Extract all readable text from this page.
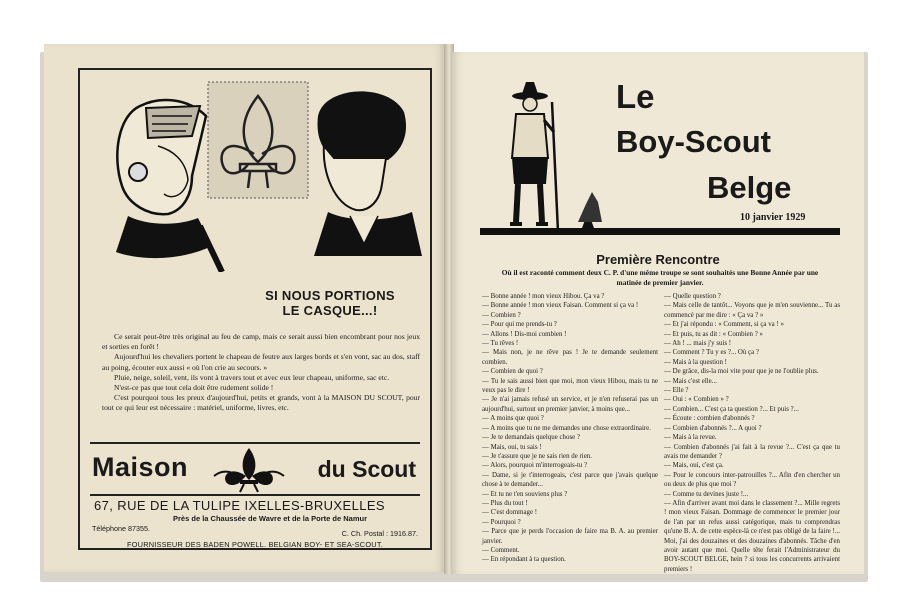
SI NOUS PORTIONS
LE CASQUE...!

Ce serait peut-être très original au feu de camp, mais ce serait aussi bien encombrant pour nos jeux et sorties en forêt !

Aujourd'hui les chevaliers portent le chapeau de feutre aux larges bords et s'en vont, sac au dos, staff au poing, écouter eux aussi « où l'on crie au secours. »

Pluie, neige, soleil, vent, ils vont à travers tout et avec eux leur chapeau, uniforme, sac etc.

N'est-ce pas que tout cela doit être rudement solide !

C'est pourquoi tous les preux d'aujourd'hui, petits et grands, vont à la MAISON DU SCOUT, pour tout ce qui leur est nécessaire : matériel, uniforme, livres, etc.

Maison	du Scout
67, RUE DE LA TULIPE IXELLES-BRUXELLES
Près de la Chaussée de Wavre et de la Porte de Namur
Téléphone 87355.
C. Ch. Postal : 1916.87.
FOURNISSEUR DES BADEN POWELL. BELGIAN BOY- ET SEA-SCOUT.
Le
Boy-Scout
Belge
10 janvier 1929
Première Rencontre
Où il est raconté comment deux C. P. d'une même troupe se sont souhaités une Bonne Année par une matinée de premier janvier.

— Bonne année ! mon vieux Hibou. Ça va ?

— Bonne année ! mon vieux Faisan. Comment si ça va !

— Combien ?

— Pour qui me prends-tu ?

— Allons ! Dis-moi combien !

— Tu rêves !

— Mais non, je ne rêve pas ! Je te demande seulement combien.

— Combien de quoi ?

— Tu le sais aussi bien que moi, mon vieux Hibou, mais tu ne veux pas le dire !

— Je n'ai jamais refusé un service, et je n'en refuserai pas un aujourd'hui, surtout un premier janvier, à moins que...

— A moins que quoi ?

— A moins que tu ne me demandes une chose extraordinaire.

— Je te demandais quelque chose ?

— Mais, oui, tu sais !

— Je t'assure que je ne sais rien de rien.

— Alors, pourquoi m'interrogeais-tu ?

— Dame, si je t'interrogeais, c'est parce que j'avais quelque chose à te demander...

— Et tu ne t'en souviens plus ?

— Plus du tout !

— C'est dommage !

— Pourquoi ?

— Parce que je perds l'occasion de faire ma B. A. au premier janvier.

— Comment.

— En répondant à ta question.

— Quelle question ?

— Mais celle de tantôt... Voyons que je m'en souvienne... Tu as commencé par me dire : « Ça va ? »

— Et j'ai répondu : « Comment, si ça va ! »

— Et puis, tu as dit : « Combien ? »

— Ah ! ... mais j'y suis !

— Comment ? Tu y es ?... Où ça ?

— Mais à la question !

— De grâce, dis-la moi vite pour que je ne l'oublie plus.

— Mais c'est elle...

— Elle ?

— Oui : « Combien » ?

— Combien... C'est ça ta question ?... Et puis ?...

— Écoute : combien d'abonnés ?

— Combien d'abonnés ?... A quoi ?

— Mais à la revue.

— Combien d'abonnés j'ai fait à la revue ?... C'est ça que tu avais me demander ?

— Mais, oui, c'est ça.

— Pour le concours inter-patrouilles ?... Afin d'en chercher un ou deux de plus que moi ?

— Comme tu devines juste !...

— Afin d'arriver avant moi dans le classement ?... Mille regrets ! mon vieux Faisan. Dommage de commencer le premier jour de l'an par un refus aussi catégorique, mais tu comprendras qu'une B. A. de cette espèce-là ce n'est pas obligé de la faire !... Moi, j'ai des douzaines et des douzaines d'abonnés. Tâche d'en avoir autant que moi. Quelle tête ferait l'Administrateur du BOY-SCOUT BELGE, hein ? si tous les concurrents arrivaient premiers !
